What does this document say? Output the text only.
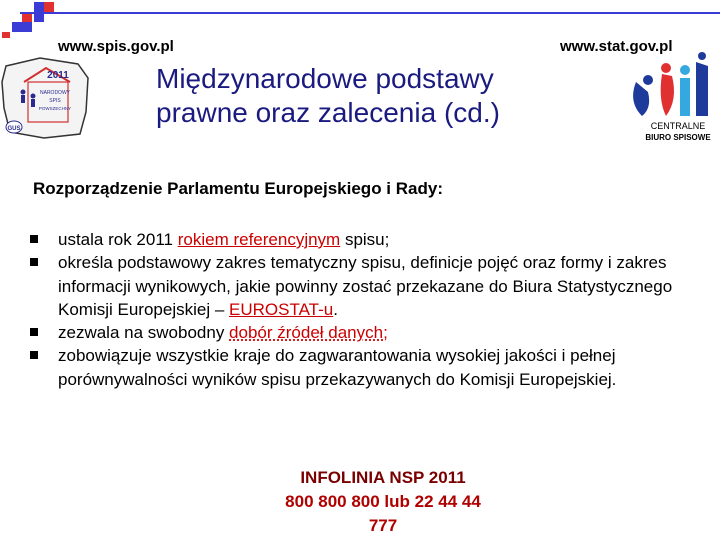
www.spis.gov.pl	www.stat.gov.pl
2011
NARODOWY
SPIS
POWSZECHNY
GUS
Międzynarodowe podstawy
prawne oraz zalecenia (cd.)	CENTRALNE
BIURO SPISOWE
Rozporządzenie Parlamentu Europejskiego i Rady:
ustala rok 2011 rokiem referencyjnym spisu;
określa podstawowy zakres tematyczny spisu, definicje pojęć oraz formy i zakres informacji wynikowych, jakie powinny zostać przekazane do Biura Statystycznego Komisji Europejskiej – EUROSTAT-u.
zezwala na swobodny dobór źródeł danych;
zobowiązuje wszystkie kraje do zagwarantowania wysokiej jakości i pełnej porównywalności wyników spisu przekazywanych do Komisji Europejskiej.
INFOLINIA NSP 2011
800 800 800 lub 22 44 44
777
